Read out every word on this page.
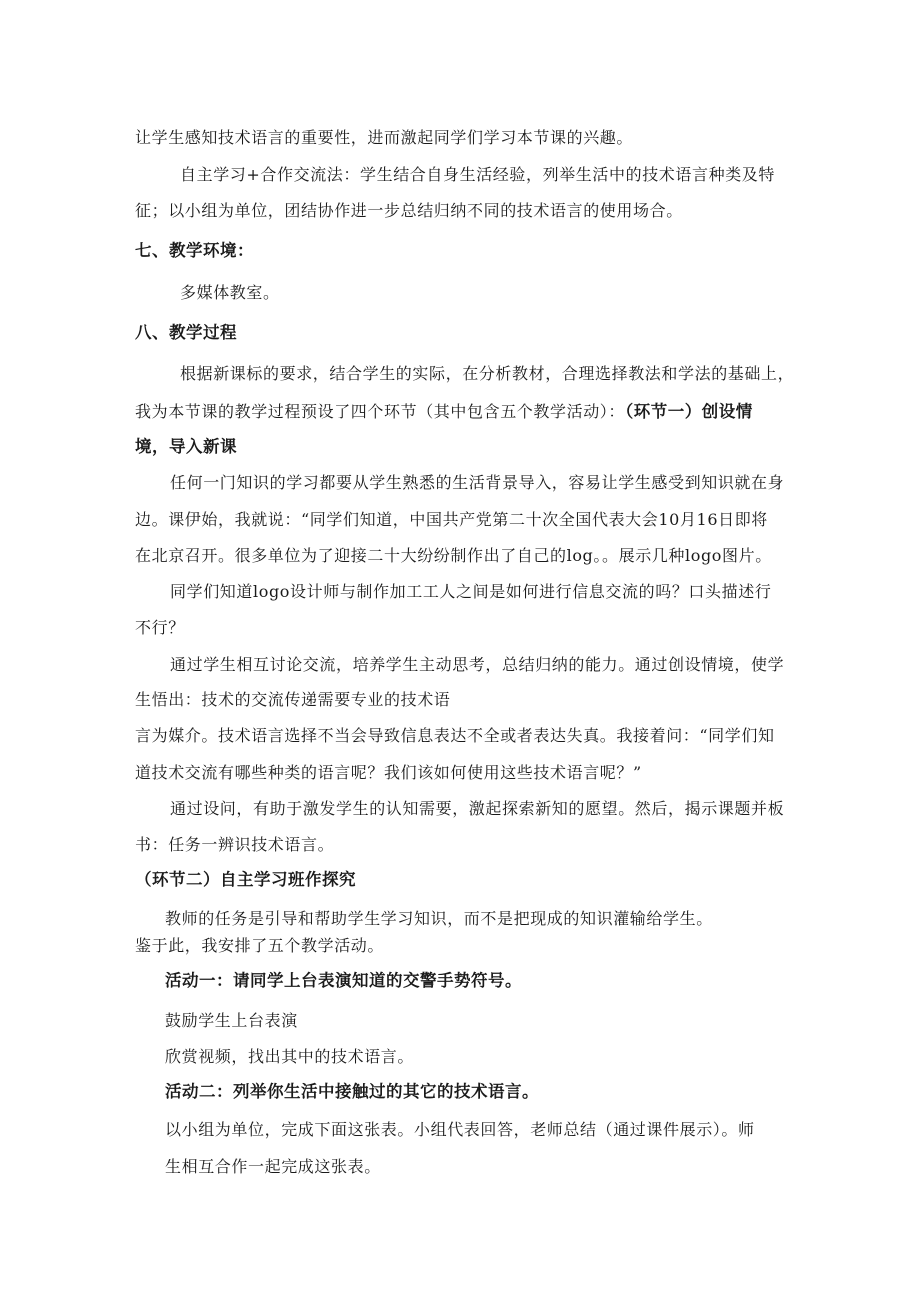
让学生感知技术语言的重要性，进而激起同学们学习本节课的兴趣。
自主学习+合作交流法：学生结合自身生活经验，列举生活中的技术语言种类及特
征；以小组为单位，团结协作进一步总结归纳不同的技术语言的使用场合。
七、教学环境：
多媒体教室。
八、教学过程
根据新课标的要求，结合学生的实际，在分析教材，合理选择教法和学法的基础上，
我为本节课的教学过程预设了四个环节（其中包含五个教学活动）：（环节一）创设情
境，导入新课
任何一门知识的学习都要从学生熟悉的生活背景导入，容易让学生感受到知识就在身
边。课伊始，我就说：“同学们知道，中国共产党第二十次全国代表大会10月16日即将
在北京召开。很多单位为了迎接二十大纷纷制作出了自己的log。。展示几种logo图片。
同学们知道logo设计师与制作加工工人之间是如何进行信息交流的吗？口头描述行
不行？
通过学生相互讨论交流，培养学生主动思考，总结归纳的能力。通过创设情境，使学
生悟出：技术的交流传递需要专业的技术语
言为媒介。技术语言选择不当会导致信息表达不全或者表达失真。我接着问：“同学们知
道技术交流有哪些种类的语言呢？我们该如何使用这些技术语言呢？”
通过设问，有助于激发学生的认知需要，激起探索新知的愿望。然后，揭示课题并板
书：任务一辨识技术语言。
（环节二）自主学习班作探究
教师的任务是引导和帮助学生学习知识，而不是把现成的知识灌输给学生。
鉴于此，我安排了五个教学活动。
活动一：请同学上台表演知道的交警手势符号。
鼓励学生上台表演
欣赏视频，找出其中的技术语言。
活动二：列举你生活中接触过的其它的技术语言。
以小组为单位，完成下面这张表。小组代表回答，老师总结（通过课件展示）。师
生相互合作一起完成这张表。
